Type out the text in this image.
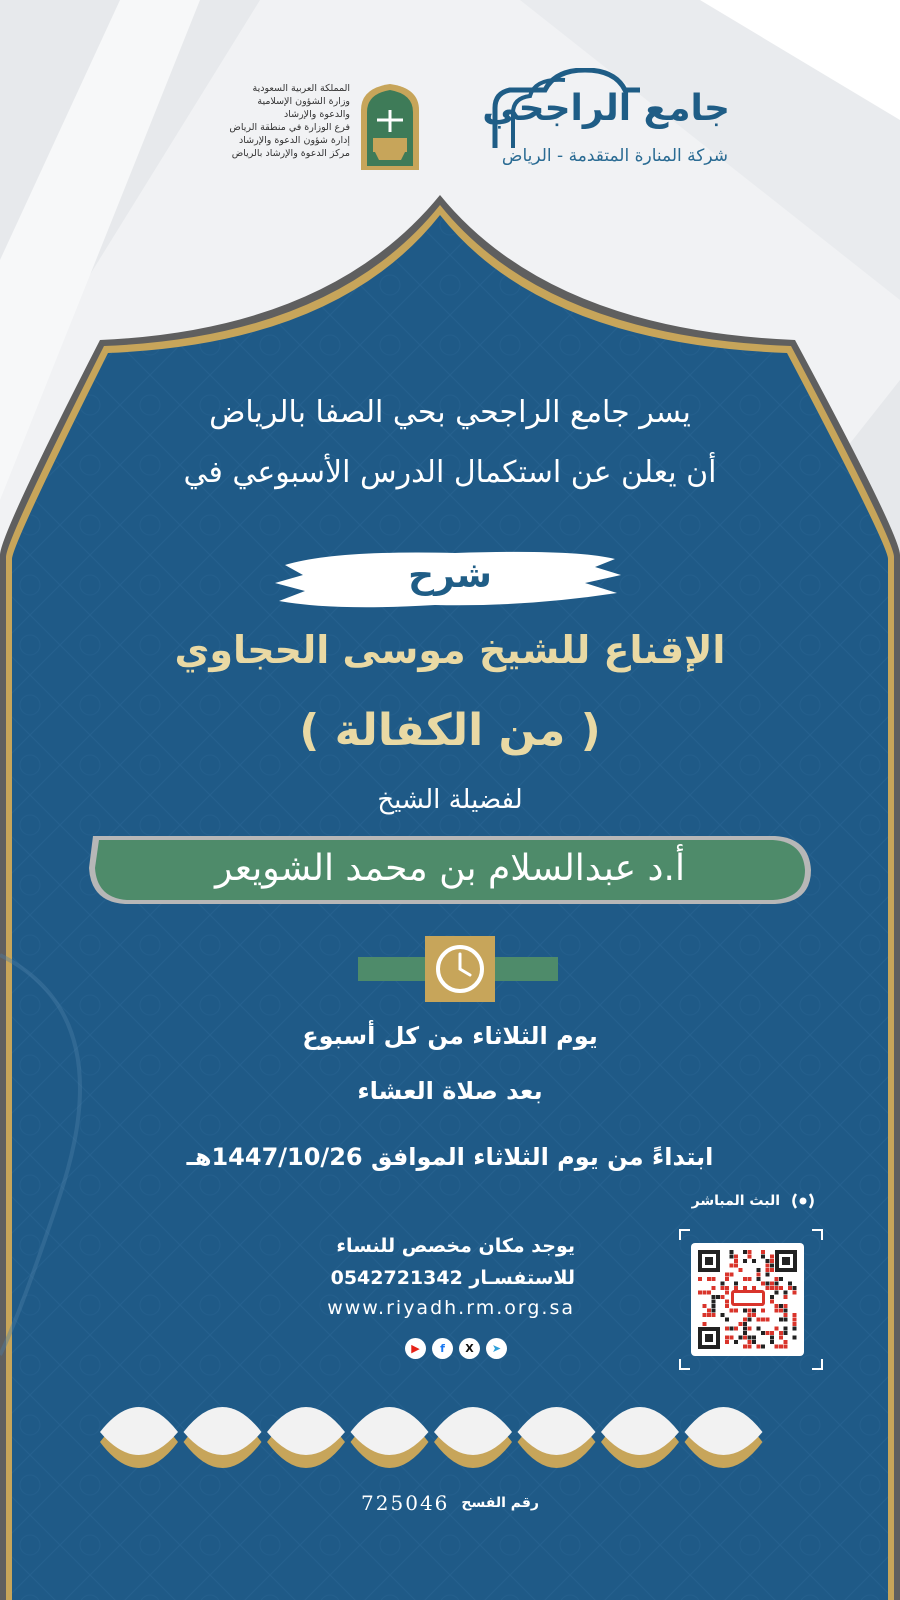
جامع الراجحي
شركة المنارة المتقدمة - الرياض
المملكة العربية السعودية
وزارة الشؤون الإسلامية
والدعوة والإرشاد
فرع الوزارة في منطقة الرياض
إدارة شؤون الدعوة والإرشاد
مركز الدعوة والإرشاد بالرياض
يسر جامع الراجحي بحي الصفا بالرياض
أن يعلن عن استكمال الدرس الأسبوعي في
شرح
الإقناع للشيخ موسى الحجاوي
( من الكفالة )
لفضيلة الشيخ
أ.د عبدالسلام بن محمد الشويعر
يوم الثلاثاء من كل أسبوع
بعد صلاة العشاء
ابتداءً من يوم الثلاثاء الموافق 1447/10/26هـ
البث المباشر
يوجد مكان مخصص للنساء
للاستفسـار 0542721342
www.riyadh.rm.org.sa
➤
X
f
▶
رقم الفسح
725046
